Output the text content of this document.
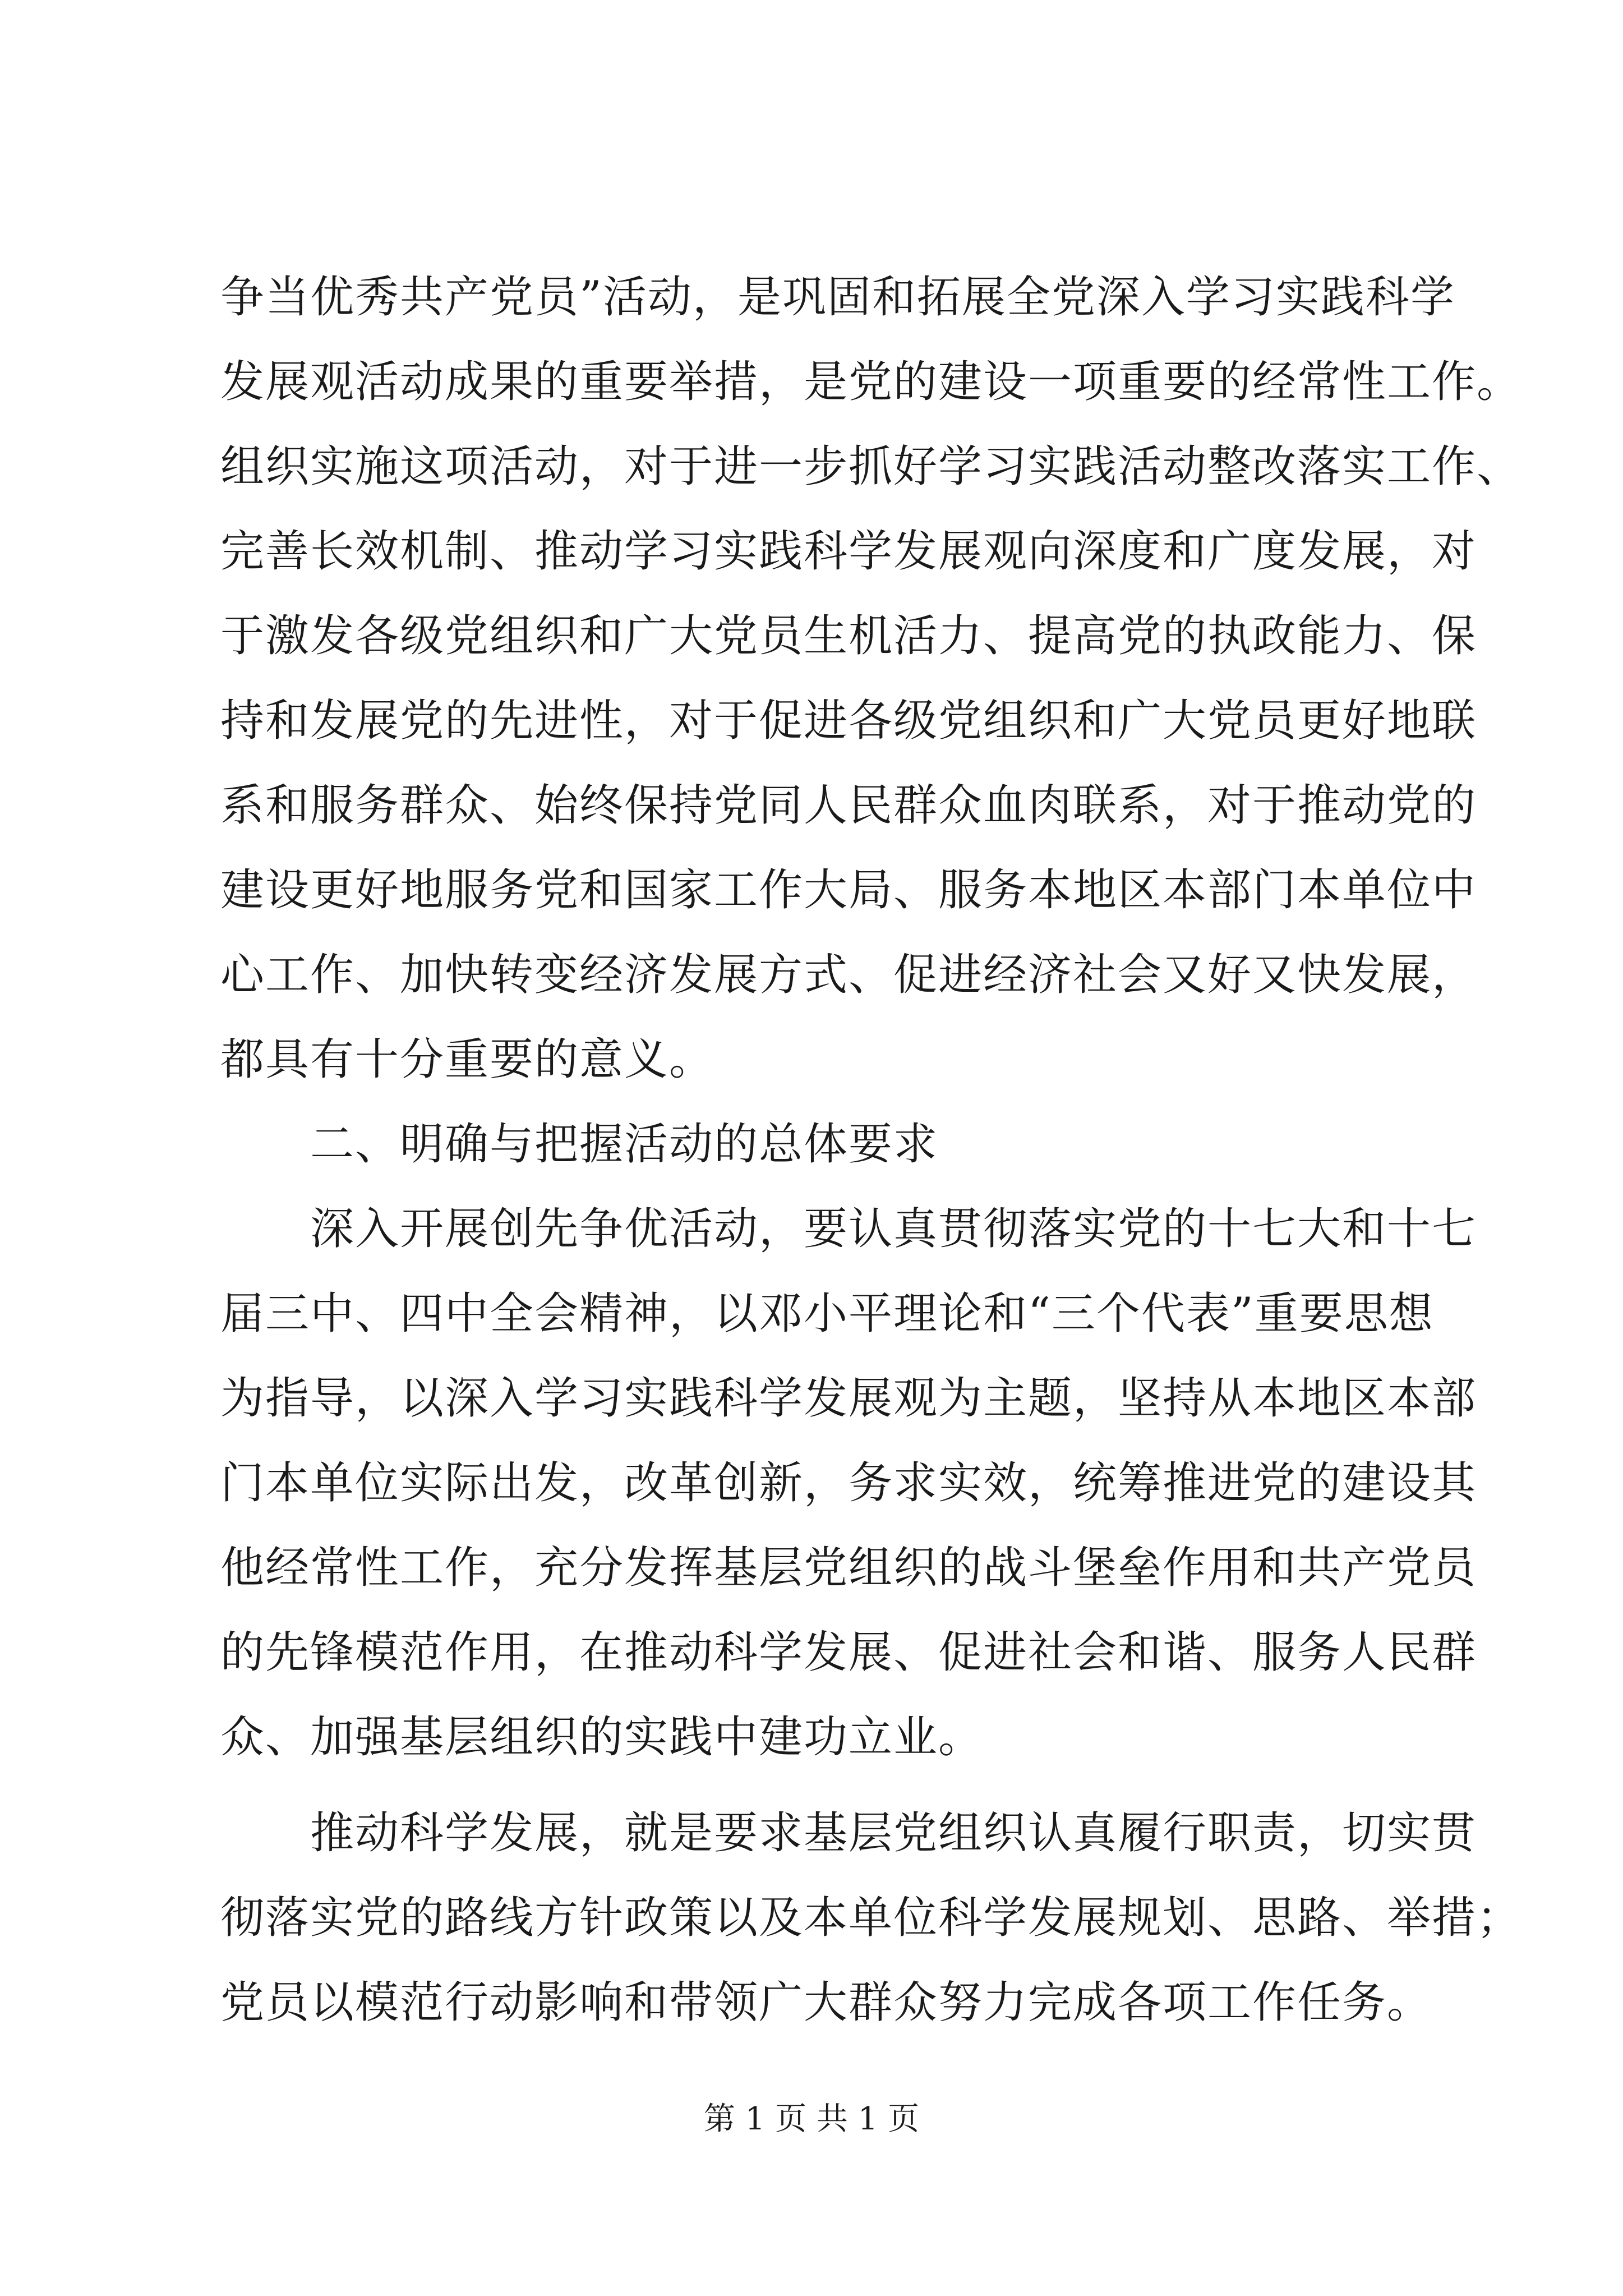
争当优秀共产党员”活动，是巩固和拓展全党深入学习实践科学
发展观活动成果的重要举措，是党的建设一项重要的经常性工作。
组织实施这项活动，对于进一步抓好学习实践活动整改落实工作、
完善长效机制、推动学习实践科学发展观向深度和广度发展，对
于激发各级党组织和广大党员生机活力、提高党的执政能力、保
持和发展党的先进性，对于促进各级党组织和广大党员更好地联
系和服务群众、始终保持党同人民群众血肉联系，对于推动党的
建设更好地服务党和国家工作大局、服务本地区本部门本单位中
心工作、加快转变经济发展方式、促进经济社会又好又快发展，
都具有十分重要的意义。
　　二、明确与把握活动的总体要求
　　深入开展创先争优活动，要认真贯彻落实党的十七大和十七
届三中、四中全会精神，以邓小平理论和“三个代表”重要思想
为指导，以深入学习实践科学发展观为主题，坚持从本地区本部
门本单位实际出发，改革创新，务求实效，统筹推进党的建设其
他经常性工作，充分发挥基层党组织的战斗堡垒作用和共产党员
的先锋模范作用，在推动科学发展、促进社会和谐、服务人民群
众、加强基层组织的实践中建功立业。
　　推动科学发展，就是要求基层党组织认真履行职责，切实贯
彻落实党的路线方针政策以及本单位科学发展规划、思路、举措；
党员以模范行动影响和带领广大群众努力完成各项工作任务。
第 1 页 共 1 页
